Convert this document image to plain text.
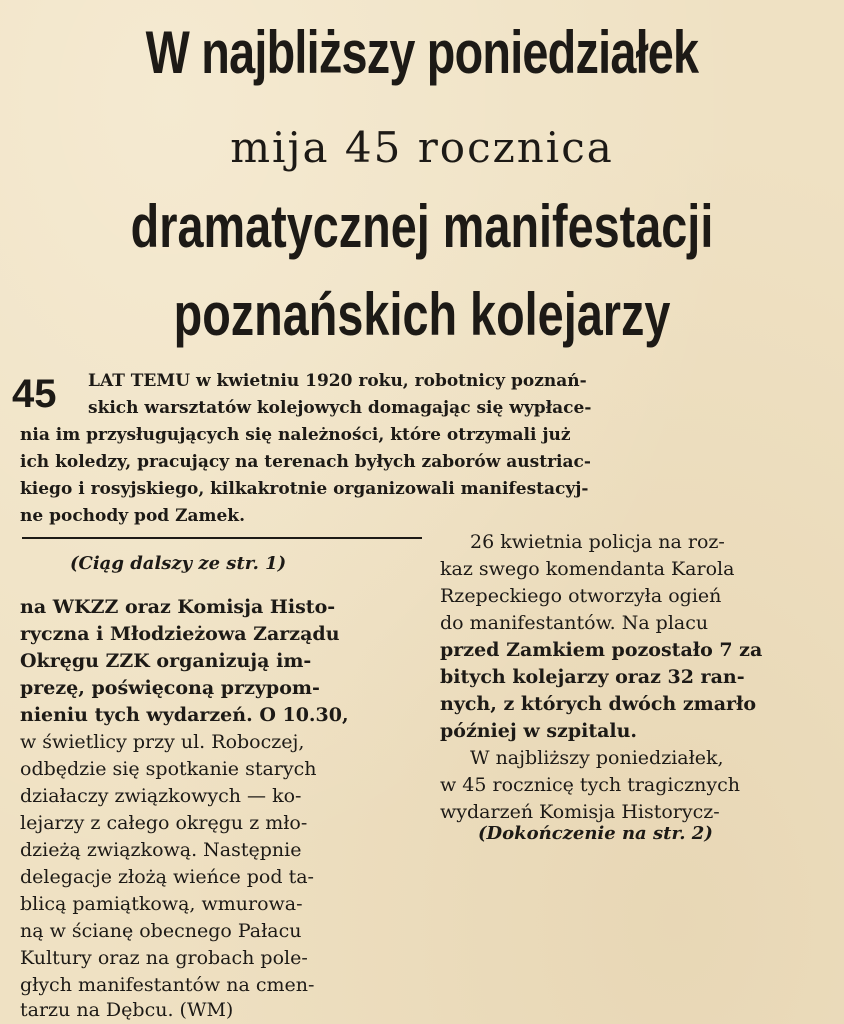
W najbliższy poniedziałek
mija 45 rocznica
dramatycznej manifestacji
poznańskich kolejarzy
45 LAT TEMU w kwietniu 1920 roku, robotnicy poznań-
skich warsztatów kolejowych domagając się wypłace-
nia im przysługujących się należności, które otrzymali już
ich koledzy, pracujący na terenach byłych zaborów austriac-
kiego i rosyjskiego, kilkakrotnie organizowali manifestacyj-
ne pochody pod Zamek.
(Ciąg dalszy ze str. 1)
na WKZZ oraz Komisja Histo-
ryczna i Młodzieżowa Zarządu
Okręgu ZZK organizują im-
prezę, poświęconą przypom-
nieniu tych wydarzeń. O 10.30,
w świetlicy przy ul. Roboczej,
odbędzie się spotkanie starych
działaczy związkowych — ko-
lejarzy z całego okręgu z mło-
dzieżą związkową. Następnie
delegacje złożą wieńce pod ta-
blicą pamiątkową, wmurowa-
ną w ścianę obecnego Pałacu
Kultury oraz na grobach pole-
głych manifestantów na cmen-
tarzu na Dębcu. (WM)
26 kwietnia policja na roz-
kaz swego komendanta Karola
Rzepeckiego otworzyła ogień
do manifestantów. Na placu
przed Zamkiem pozostało 7 za
bitych kolejarzy oraz 32 ran-
nych, z których dwóch zmarło
później w szpitalu.
W najbliższy poniedziałek,
w 45 rocznicę tych tragicznych
wydarzeń Komisja Historycz-
(Dokończenie na str. 2)
